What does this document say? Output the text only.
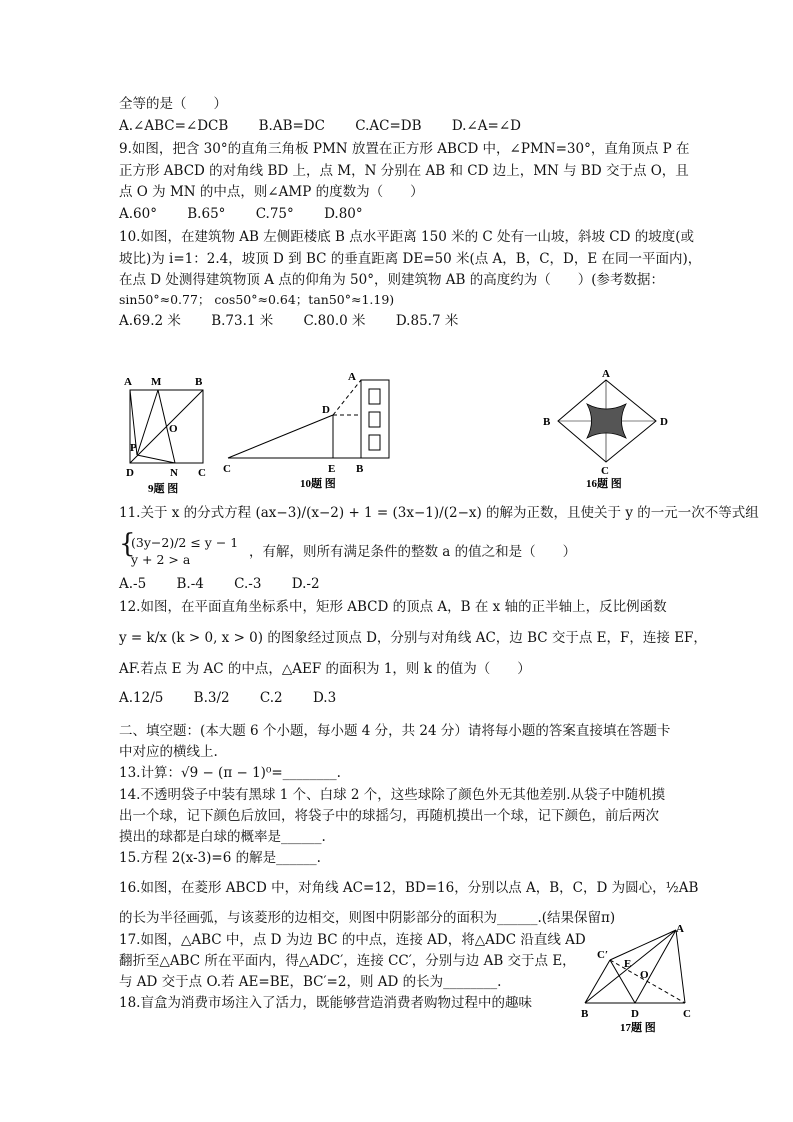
全等的是（　　）
A.∠ABC=∠DCB B.AB=DC C.AC=DB D.∠A=∠D
9.如图，把含 30°的直角三角板 PMN 放置在正方形 ABCD 中，∠PMN=30°，直角顶点 P 在
正方形 ABCD 的对角线 BD 上，点 M，N 分别在 AB 和 CD 边上，MN 与 BD 交于点 O，且
点 O 为 MN 的中点，则∠AMP 的度数为（　　）
A.60° B.65° C.75° D.80°
10.如图，在建筑物 AB 左侧距楼底 B 点水平距离 150 米的 C 处有一山坡，斜坡 CD 的坡度(或
坡比)为 i=1：2.4，坡顶 D 到 BC 的垂直距离 DE=50 米(点 A，B，C，D，E 在同一平面内)，
在点 D 处测得建筑物顶 A 点的仰角为 50°，则建筑物 AB 的高度约为（　　）(参考数据：
sin50°≈0.77； cos50°≈0.64；tan50°≈1.19)
A.69.2 米 B.73.1 米 C.80.0 米 D.85.7 米
A M	B
O
P
D	N C
9题 图
A
D
C	E B
10题 图
A
B	D
C
16题 图
11.关于 x 的分式方程 (ax−3)/(x−2) + 1 = (3x−1)/(2−x) 的解为正数，且使关于 y 的一元一次不等式组
{
(3y−2)/2 ≤ y − 1
y + 2 > a	，有解，则所有满足条件的整数 a 的值之和是（　　）
A.-5 B.-4 C.-3 D.-2
12.如图，在平面直角坐标系中，矩形 ABCD 的顶点 A，B 在 x 轴的正半轴上，反比例函数
y = k/x (k > 0, x > 0) 的图象经过顶点 D，分别与对角线 AC，边 BC 交于点 E，F，连接 EF，
AF.若点 E 为 AC 的中点，△AEF 的面积为 1，则 k 的值为（　　）
A.12/5 B.3/2 C.2 D.3
二、填空题：(本大题 6 个小题，每小题 4 分，共 24 分）请将每小题的答案直接填在答题卡
中对应的横线上.
13.计算：√9 − (π − 1)⁰=________.
14.不透明袋子中装有黑球 1 个、白球 2 个，这些球除了颜色外无其他差别.从袋子中随机摸
出一个球，记下颜色后放回，将袋子中的球摇匀，再随机摸出一个球，记下颜色，前后两次
摸出的球都是白球的概率是______.
15.方程 2(x-3)=6 的解是______.
16.如图，在菱形 ABCD 中，对角线 AC=12，BD=16，分别以点 A，B，C，D 为圆心，½AB
的长为半径画弧，与该菱形的边相交，则图中阴影部分的面积为______.(结果保留π)
17.如图，△ABC 中，点 D 为边 BC 的中点，连接 AD，将△ADC 沿直线 AD
翻折至△ABC 所在平面内，得△ADC′，连接 CC′，分别与边 AB 交于点 E，
与 AD 交于点 O.若 AE=BE，BC′=2，则 AD 的长为________.
18.盲盒为消费市场注入了活力，既能够营造消费者购物过程中的趣味
A
C′
E
O
B	D	C
17题 图
